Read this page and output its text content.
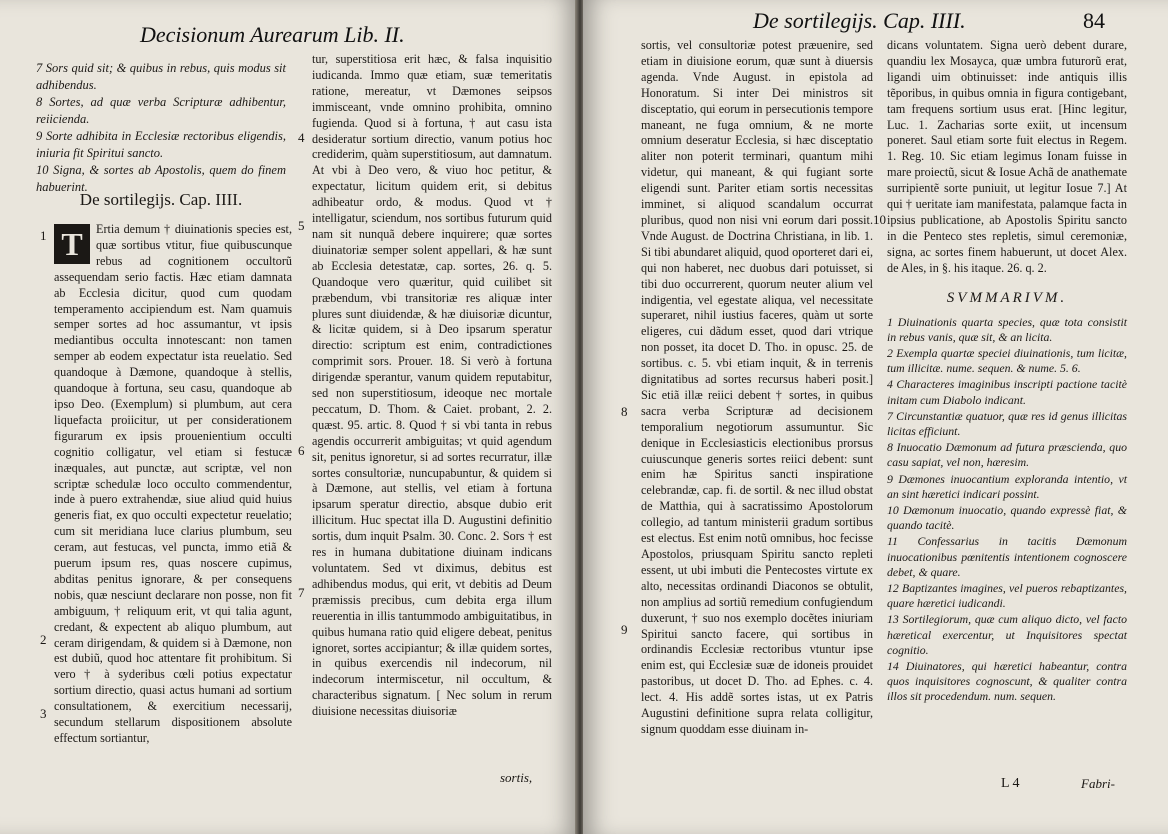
Decisionum Aurearum Lib. II.

7 Sors quid sit; & quibus in rebus, quis modus sit adhibendus.

8 Sortes, ad quæ verba Scripturæ adhibentur, reiicienda.

9 Sorte adhibita in Ecclesiæ rectoribus eligendis, iniuria fit Spiritui sancto.

10 Signa, & sortes ab Apostolis, quem do finem habuerint.

De sortilegijs. Cap. IIII.
T	Ertia demum † diuinationis species est, quæ sortibus vtitur, fiue quibuscunque rebus ad cognitionem occultorũ assequendam serio factis. Hæc etiam damnata ab Ecclesia dicitur, quod cum quodam temperamento accipiendum est. Nam quamuis semper sortes ad hoc assumantur, vt ipsis mediantibus occulta innotescant: non tamen semper ab eodem expectatur ista reuelatio. Sed quandoque à Dæmone, quandoque à stellis, quandoque à fortuna, seu casu, quandoque ab ipso Deo. (Exemplum) si plumbum, aut cera liquefacta proiicitur, ut per considerationem figurarum ex ipsis prouenientium occulti cognitio colligatur, vel etiam si festucæ inæquales, aut punctæ, aut scriptæ, vel non scriptæ schedulæ loco occulto commendentur, inde à puero extrahendæ, siue aliud quid huius generis fiat, ex quo occulti expectetur reuelatio; cum sit meridiana luce clarius plumbum, seu ceram, aut festucas, vel puncta, immo etiã & puerum ipsum res, quas noscere cupimus, abditas penitus ignorare, & per consequens nobis, quæ nesciunt declarare non posse, non fit ambiguum, † reliquum erit, vt qui talia agunt, credant, & expectent ab aliquo plumbum, aut ceram dirigendam, & quidem si à Dæmone, non est dubiũ, quod hoc attentare fit prohibitum. Si vero † à syderibus cœli potius expectatur sortium directio, quasi actus humani ad sortium consultationem, & exercitium necessarij, secundum stellarum dispositionem absolute effectum sortiantur,

tur, superstitiosa erit hæc, & falsa inquisitio iudicanda. Immo quæ etiam, suæ temeritatis ratione, mereatur, vt Dæmones seipsos immisceant, vnde omnino prohibita, omnino fugienda. Quod si à fortuna, † aut casu ista desideratur sortium directio, vanum potius hoc crediderim, quàm superstitiosum, aut damnatum. At vbi à Deo vero, & viuo hoc petitur, & expectatur, licitum quidem erit, si debitus adhibeatur ordo, & modus. Quod vt † intelligatur, sciendum, nos sortibus futurum quid nam sit nunquã debere inquirere; quæ sortes diuinatoriæ semper solent appellari, & hæ sunt ab Ecclesia detestatæ, cap. sortes, 26. q. 5. Quandoque vero quæritur, quid cuilibet sit præbendum, vbi transitoriæ res aliquæ inter plures sunt diuidendæ, & hæ diuisoriæ dicuntur, & licitæ quidem, si à Deo ipsarum speratur directio: scriptum est enim, contradictiones comprimit sors. Prouer. 18. Si verò à fortuna dirigendæ sperantur, vanum quidem reputabitur, sed non superstitiosum, ideoque nec mortale peccatum, D. Thom. & Caiet. probant, 2. 2. quæst. 95. artic. 8. Quod † si vbi tanta in rebus agendis occurrerit ambiguitas; vt quid agendum sit, penitus ignoretur, si ad sortes recurratur, illæ sortes consultoriæ, nuncupabuntur, & quidem si à Dæmone, aut stellis, vel etiam à fortuna ipsarum speratur directio, absque dubio erit illicitum. Huc spectat illa D. Augustini definitio sortis, dum inquit Psalm. 30. Conc. 2. Sors † est res in humana dubitatione diuinam indicans voluntatem. Sed vt diximus, debitus est adhibendus modus, qui erit, vt debitis ad Deum præmissis precibus, cum debita erga illum reuerentia in illis tantummodo ambiguitatibus, in quibus humana ratio quid eligere debeat, penitus ignoret, sortes accipiantur; & illæ quidem sortes, in quibus exercendis nil indecorum, nil indecorum intermiscetur, nil occultum, & characteribus signatum. [ Nec solum in rerum diuisione necessitas diuisoriæ

sortis,
1
2
3
4
5
6
7
De sortilegijs. Cap. IIII.	84

sortis, vel consultoriæ potest præuenire, sed etiam in diuisione eorum, quæ sunt à diuersis agenda. Vnde August. in epistola ad Honoratum. Si inter Dei ministros sit disceptatio, qui eorum in persecutionis tempore maneant, ne fuga omnium, & ne morte omnium deseratur Ecclesia, si hæc disceptatio aliter non poterit terminari, quantum mihi videtur, qui maneant, & qui fugiant sorte eligendi sunt. Pariter etiam sortis necessitas imminet, si aliquod scandalum occurrat pluribus, quod non nisi vni eorum dari possit. Vnde August. de Doctrina Christiana, in lib. 1. Si tibi abundaret aliquid, quod oporteret dari ei, qui non haberet, nec duobus dari potuisset, si tibi duo occurrerent, quorum neuter alium vel indigentia, vel egestate aliqua, vel necessitate superaret, nihil iustius faceres, quàm ut sorte eligeres, cui dãdum esset, quod dari vtrique non posset, ita docet D. Tho. in opusc. 25. de sortibus. c. 5. vbi etiam inquit, & in terrenis dignitatibus ad sortes recursus haberi posit.] Sic etiã illæ reiici debent † sortes, in quibus sacra verba Scripturæ ad decisionem temporalium negotiorum assumuntur. Sic denique in Ecclesiasticis electionibus prorsus cuiuscunque generis sortes reiici debent: sunt enim hæ Spiritus sancti inspiratione celebrandæ, cap. fi. de sortil. & nec illud obstat de Matthia, qui à sacratissimo Apostolorum collegio, ad tantum ministerii gradum sortibus est electus. Est enim notũ omnibus, hoc fecisse Apostolos, priusquam Spiritu sancto repleti essent, ut ubi imbuti die Pentecostes virtute ex alto, necessitas ordinandi Diaconos se obtulit, non amplius ad sortiũ remedium confugiendum duxerunt, † suo nos exemplo docẽtes iniuriam Spiritui sancto facere, qui sortibus in ordinandis Ecclesiæ rectoribus vtuntur ipse enim est, qui Ecclesiæ suæ de idoneis prouidet pastoribus, ut docet D. Tho. ad Ephes. c. 4. lect. 4. His addẽ sortes istas, ut ex Patris Augustini definitione supra relata colligitur, signum quoddam esse diuinam in-

dicans voluntatem. Signa uerò debent durare, quandiu lex Mosayca, quæ umbra futurorũ erat, ligandi uim obtinuisset: inde antiquis illis tẽporibus, in quibus omnia in figura contigebant, tam frequens sortium usus erat. [Hinc legitur, Luc. 1. Zacharias sorte exiit, ut incensum poneret. Saul etiam sorte fuit electus in Regem. 1. Reg. 10. Sic etiam legimus Ionam fuisse in mare proiectũ, sicut & Iosue Achã de anathemate surripientẽ sorte puniuit, ut legitur Iosue 7.] At qui † ueritate iam manifestata, palamque facta in ipsius publicatione, ab Apostolis Spiritu sancto in die Penteco stes repletis, simul ceremoniæ, signa, ac sortes finem habuerunt, ut docet Alex. de Ales, in §. his itaque. 26. q. 2.

SVMMARIVM.

1 Diuinationis quarta species, quæ tota consistit in rebus vanis, quæ sit, & an licita.

2 Exempla quartæ speciei diuinationis, tum licitæ, tum illicitæ. nume. sequen. & nume. 5. 6.

4 Characteres imaginibus inscripti pactione tacitè initam cum Diabolo indicant.

7 Circunstantiæ quatuor, quæ res id genus illicitas licitas efficiunt.

8 Inuocatio Dæmonum ad futura præscienda, quo casu sapiat, vel non, hæresim.

9 Dæmones inuocantium exploranda intentio, vt an sint hæretici indicari possint.

10 Dæmonum inuocatio, quando expressè fiat, & quando tacitè.

11 Confessarius in tacitis Dæmonum inuocationibus pœnitentis intentionem cognoscere debet, & quare.

12 Baptizantes imagines, vel pueros rebaptizantes, quare hæretici iudicandi.

13 Sortilegiorum, quæ cum aliquo dicto, vel facto hæretical exercentur, ut Inquisitores spectat cognitio.

14 Diuinatores, qui hæretici habeantur, contra quos inquisitores cognoscunt, & qualiter contra illos sit procedendum. num. sequen.

L 4	Fabri-
8
9
10
